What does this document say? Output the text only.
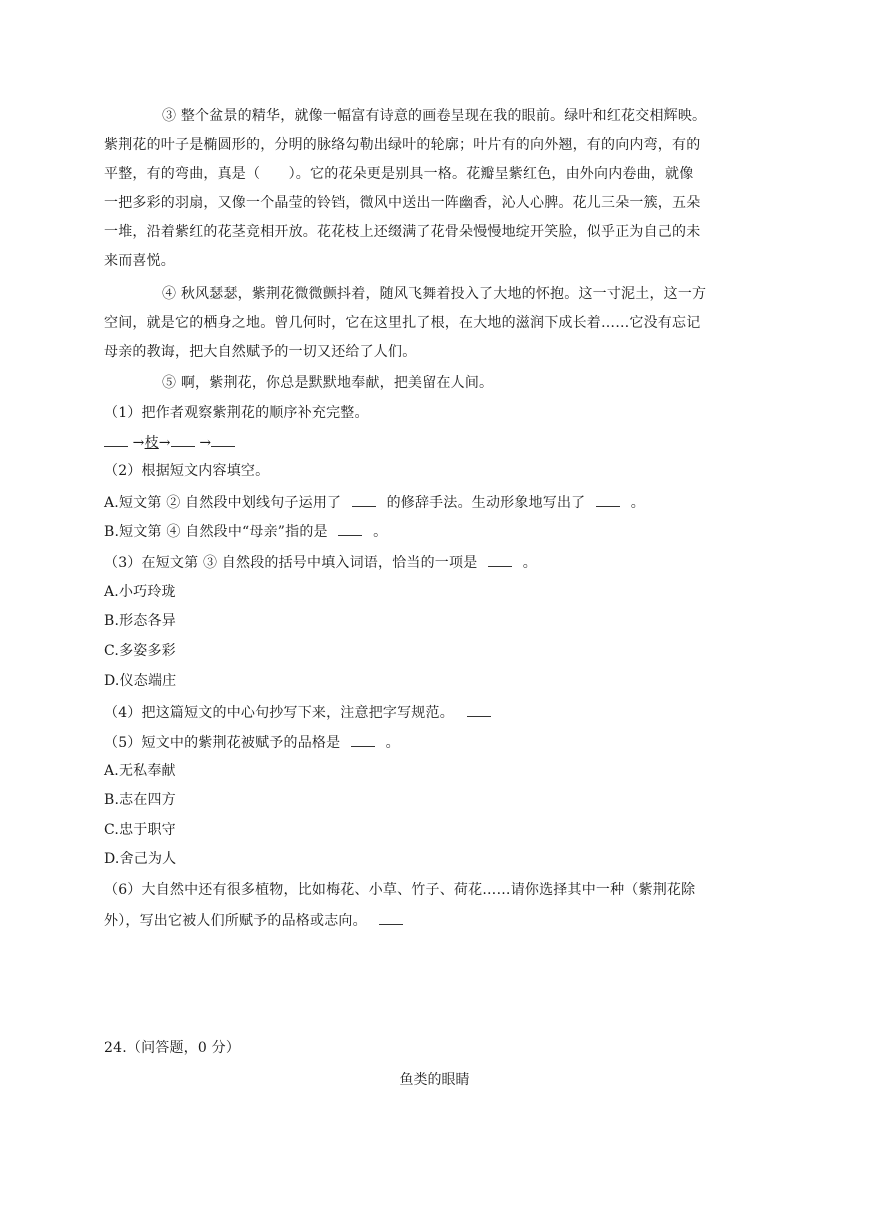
③ 整个盆景的精华，就像一幅富有诗意的画卷呈现在我的眼前。绿叶和红花交相辉映。
紫荆花的叶子是椭圆形的，分明的脉络勾勒出绿叶的轮廓；叶片有的向外翘，有的向内弯，有的
平整，有的弯曲，真是（　　）。它的花朵更是别具一格。花瓣呈紫红色，由外向内卷曲，就像
一把多彩的羽扇，又像一个晶莹的铃铛，微风中送出一阵幽香，沁人心脾。花儿三朵一簇，五朵
一堆，沿着紫红的花茎竞相开放。花花枝上还缀满了花骨朵慢慢地绽开笑脸，似乎正为自己的未
来而喜悦。
④ 秋风瑟瑟，紫荆花微微颤抖着，随风飞舞着投入了大地的怀抱。这一寸泥土，这一方
空间，就是它的栖身之地。曾几何时，它在这里扎了根，在大地的滋润下成长着……它没有忘记
母亲的教诲，把大自然赋予的一切又还给了人们。
⑤ 啊，紫荆花，你总是默默地奉献，把美留在人间。
（1）把作者观察紫荆花的顺序补充完整。
→枝→ →
（2）根据短文内容填空。
A.短文第 ② 自然段中划线句子运用了	的修辞手法。生动形象地写出了	。
B.短文第 ④ 自然段中“母亲”指的是	。
（3）在短文第 ③ 自然段的括号中填入词语，恰当的一项是	。
A.小巧玲珑
B.形态各异
C.多姿多彩
D.仪态端庄
（4）把这篇短文的中心句抄写下来，注意把字写规范。
（5）短文中的紫荆花被赋予的品格是	。
A.无私奉献
B.志在四方
C.忠于职守
D.舍己为人
（6）大自然中还有很多植物，比如梅花、小草、竹子、荷花……请你选择其中一种（紫荆花除
外），写出它被人们所赋予的品格或志向。
24.（问答题，0 分）
鱼类的眼睛
